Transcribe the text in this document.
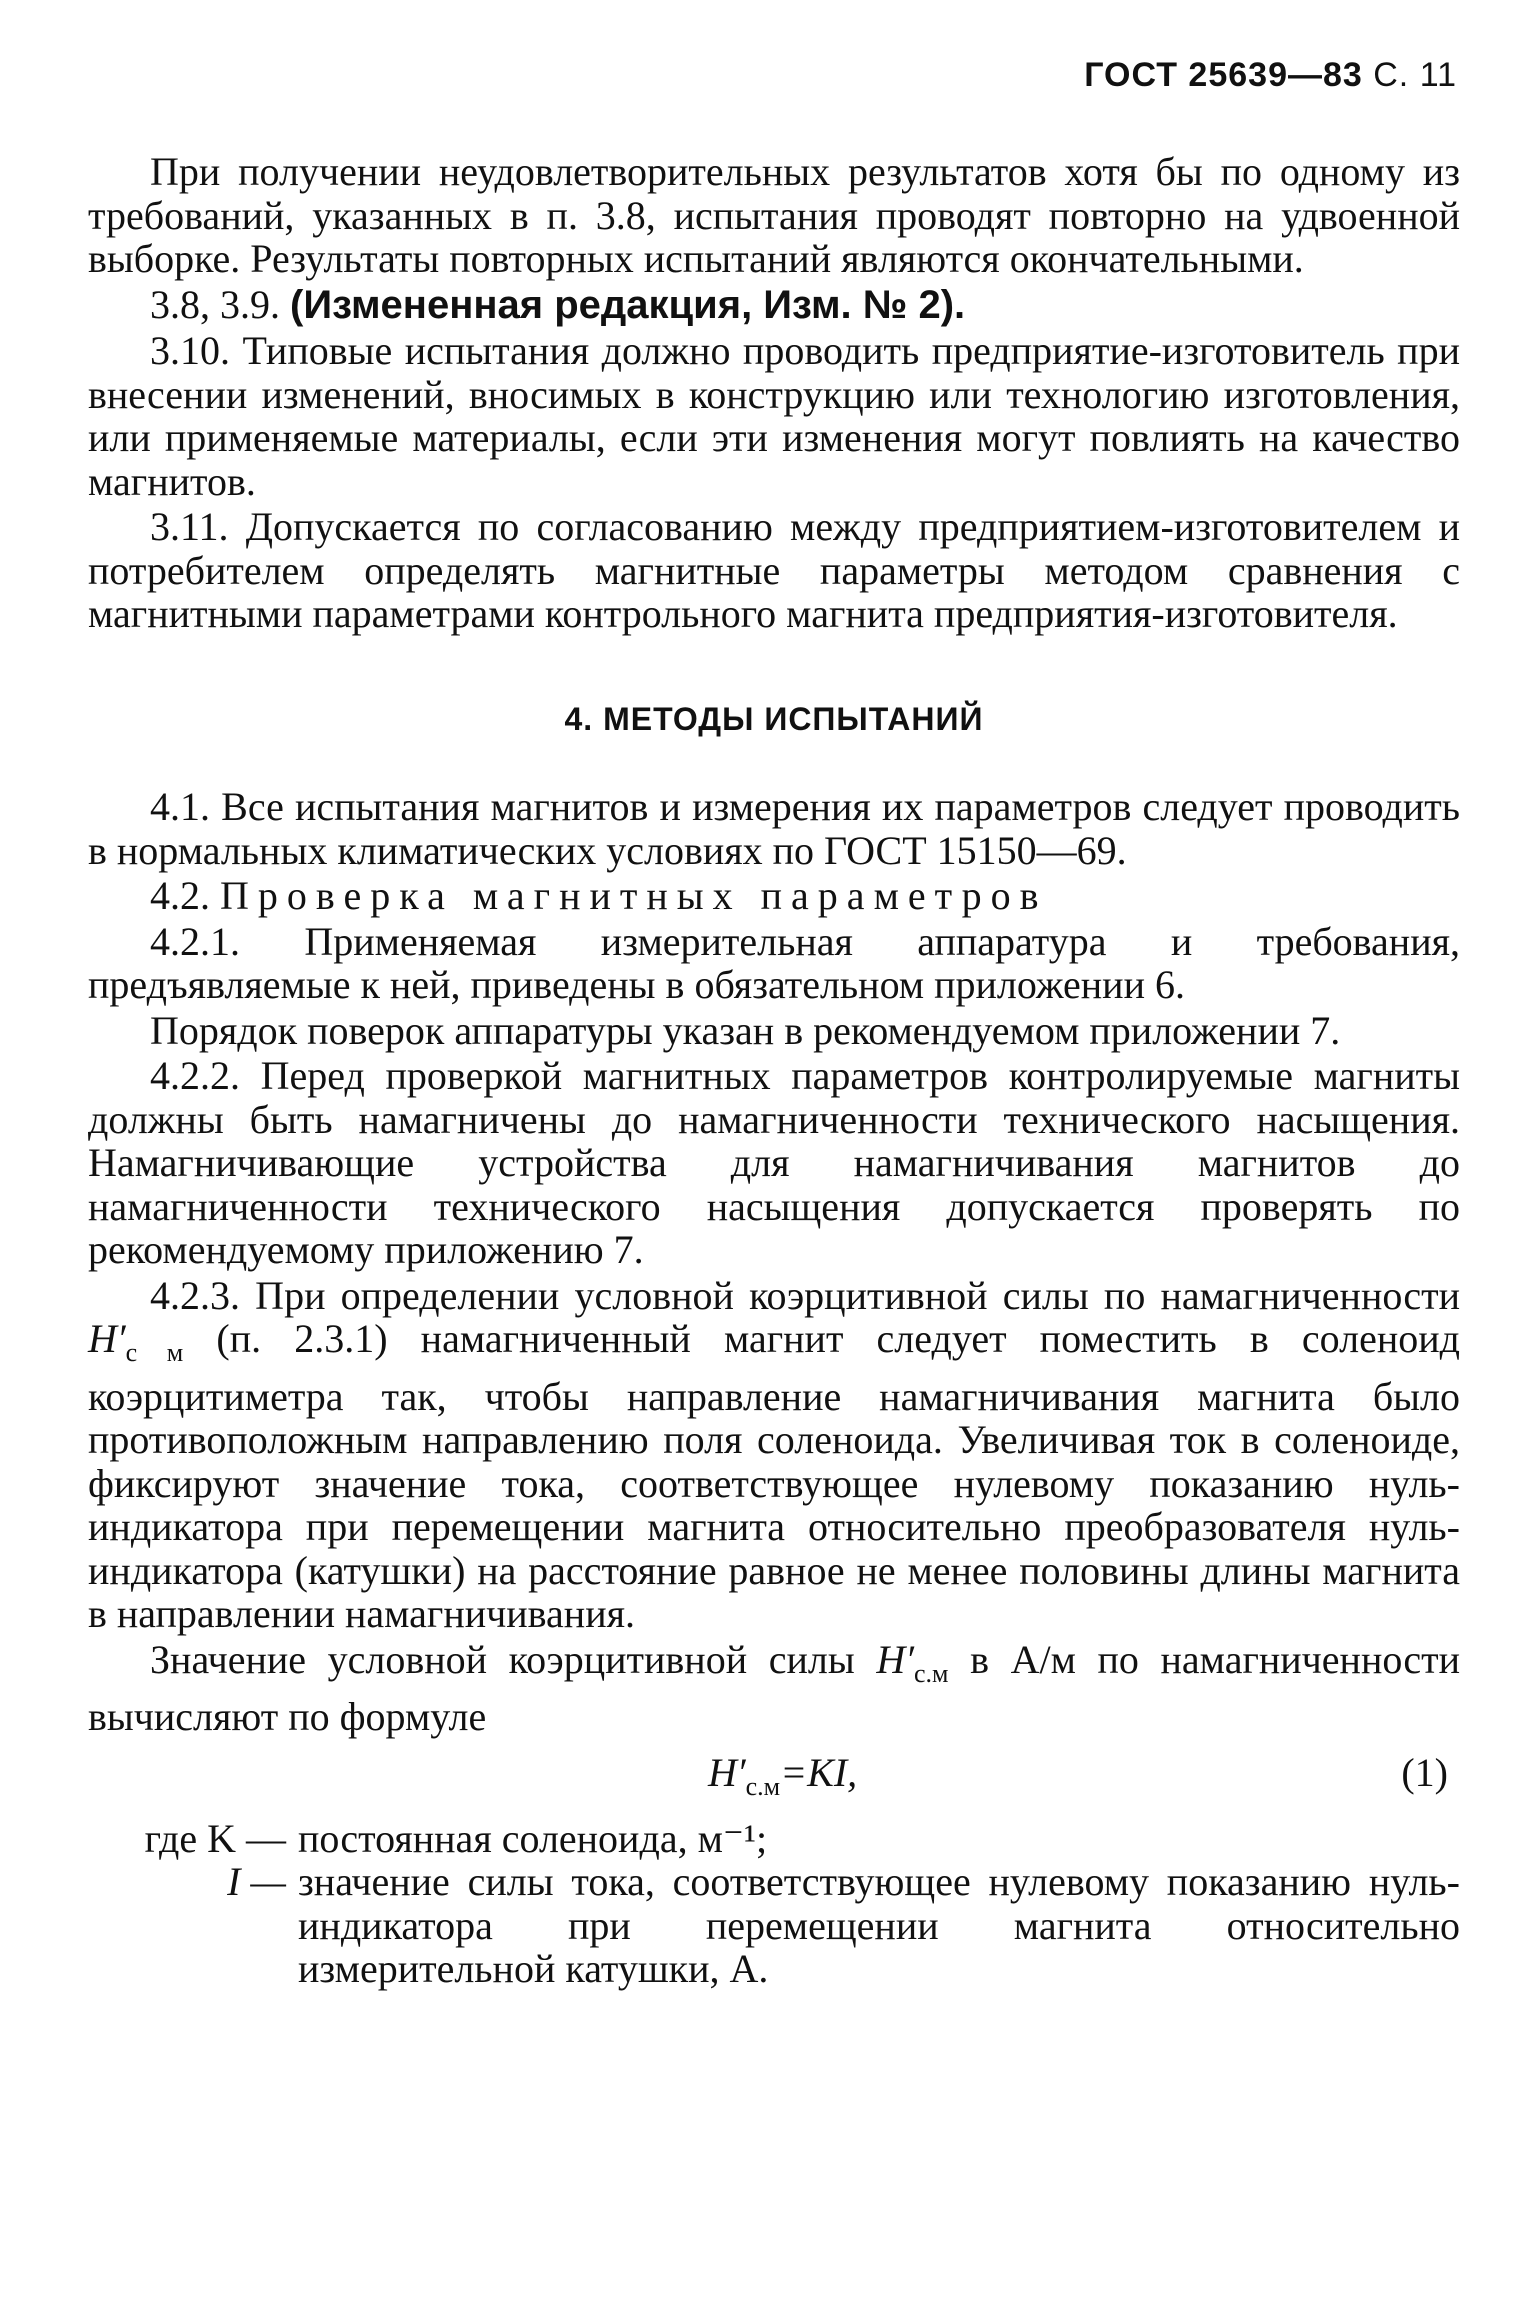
ГОСТ 25639—83 С. 11

При получении неудовлетворительных результатов хотя бы по одному из требований, указанных в п. 3.8, испытания проводят повторно на удвоенной выборке. Результаты повторных испытаний являются окончательными.

3.8, 3.9. (Измененная редакция, Изм. № 2).

3.10. Типовые испытания должно проводить предприятие-изготовитель при внесении изменений, вносимых в конструкцию или технологию изготовления, или применяемые материалы, если эти изменения могут повлиять на качество магнитов.

3.11. Допускается по согласованию между предприятием-изготовителем и потребителем определять магнитные параметры методом сравнения с магнитными параметрами контрольного магнита предприятия-изготовителя.

4. МЕТОДЫ ИСПЫТАНИЙ

4.1. Все испытания магнитов и измерения их параметров следует проводить в нормальных климатических условиях по ГОСТ 15150—69.

4.2. Проверка магнитных параметров

4.2.1. Применяемая измерительная аппаратура и требования, предъявляемые к ней, приведены в обязательном приложении 6.

Порядок поверок аппаратуры указан в рекомендуемом приложении 7.

4.2.2. Перед проверкой магнитных параметров контролируемые магниты должны быть намагничены до намагниченности технического насыщения. Намагничивающие устройства для намагничивания магнитов до намагниченности технического насыщения допускается проверять по рекомендуемому приложению 7.

4.2.3. При определении условной коэрцитивной силы по намагниченности $H'_{с м}$ (п. 2.3.1) намагниченный магнит следует поместить в соленоид коэрцитиметра так, чтобы направление намагничивания магнита было противоположным направлению поля соленоида. Увеличивая ток в соленоиде, фиксируют значение тока, соответствующее нулевому показанию нуль-индикатора при перемещении магнита относительно преобразователя нуль-индикатора (катушки) на расстояние равное не менее половины длины магнита в направлении намагничивания.

Значение условной коэрцитивной силы $H'_{с.м}$ в А/м по намагниченности вычисляют по формуле

$H'_{с.м}=KI$,	(1)
где K — постоянная соленоида, м⁻¹;
I — значение силы тока, соответствующее нулевому показанию нуль-индикатора при перемещении магнита относительно измерительной катушки, А.
